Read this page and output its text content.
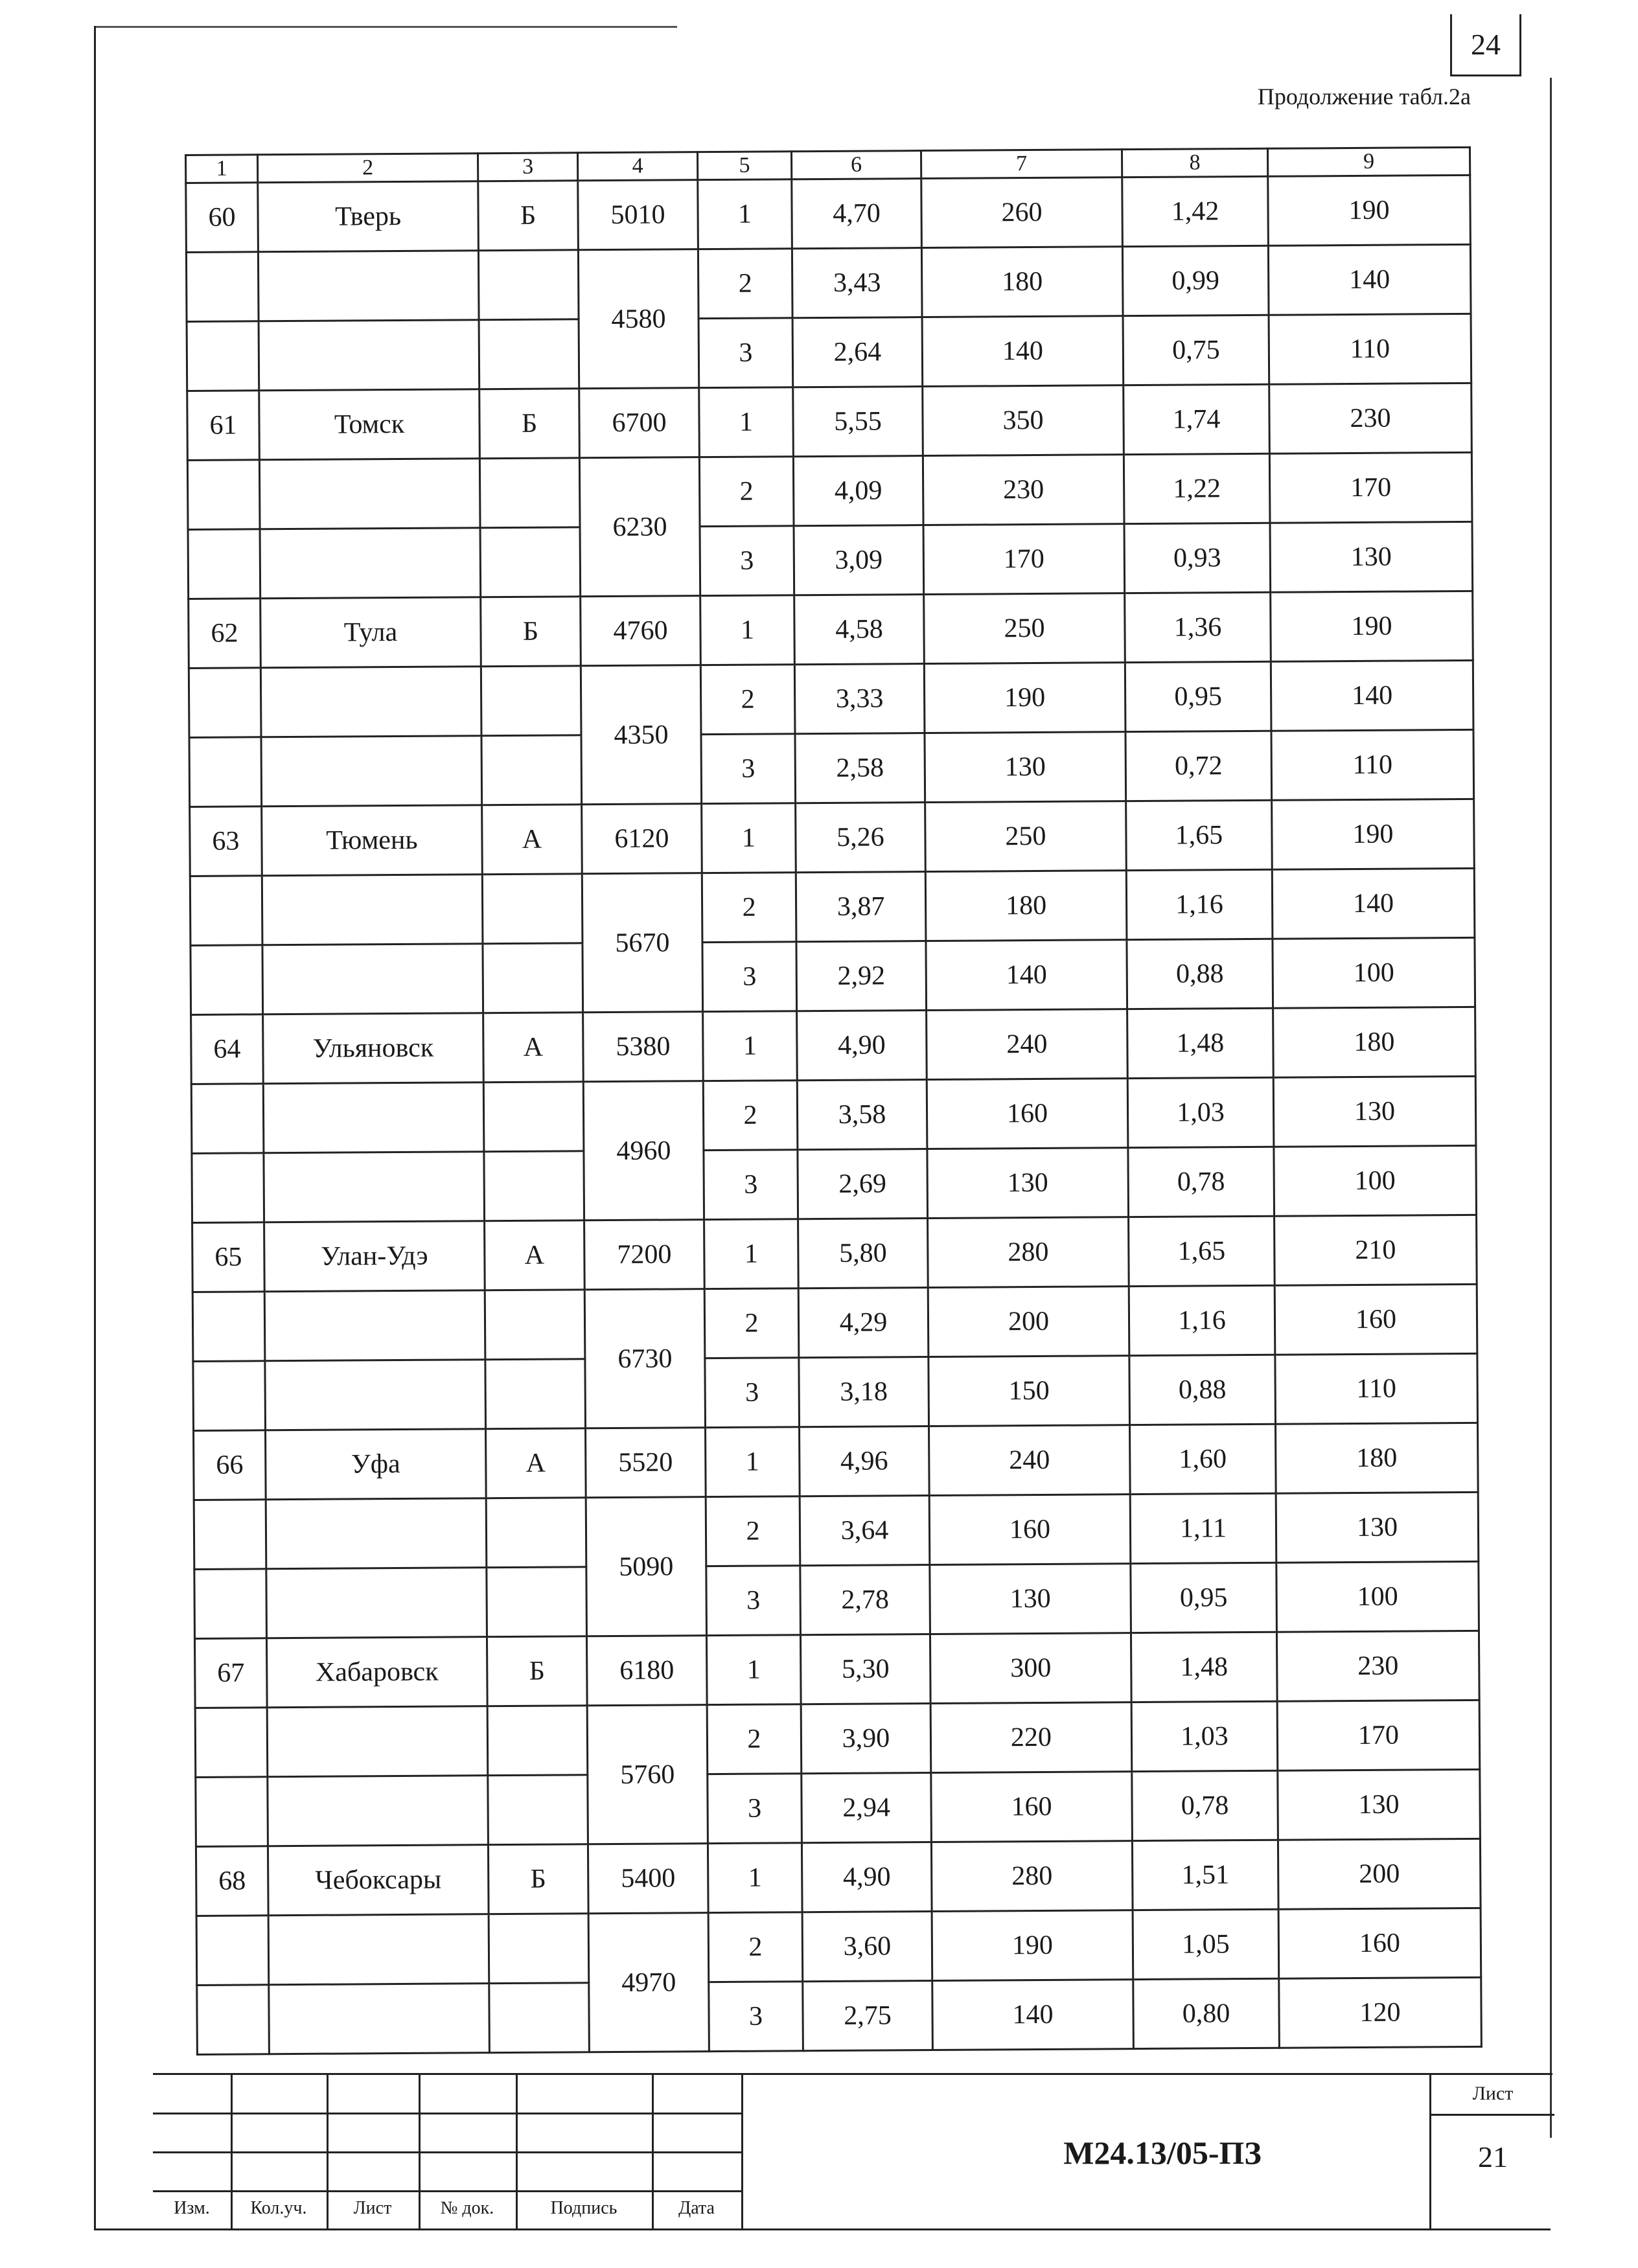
24
Продолжение табл.2а
1	2	3	4	5	6	7	8	9
60	Тверь	Б	5010	1	4,70	260	1,42	190
			4580	2	3,43	180	0,99	140
				3	2,64	140	0,75	110
61	Томск	Б	6700	1	5,55	350	1,74	230
			6230	2	4,09	230	1,22	170
				3	3,09	170	0,93	130
62	Тула	Б	4760	1	4,58	250	1,36	190
			4350	2	3,33	190	0,95	140
				3	2,58	130	0,72	110
63	Тюмень	А	6120	1	5,26	250	1,65	190
			5670	2	3,87	180	1,16	140
				3	2,92	140	0,88	100
64	Ульяновск	А	5380	1	4,90	240	1,48	180
			4960	2	3,58	160	1,03	130
				3	2,69	130	0,78	100
65	Улан-Удэ	А	7200	1	5,80	280	1,65	210
			6730	2	4,29	200	1,16	160
				3	3,18	150	0,88	110
66	Уфа	А	5520	1	4,96	240	1,60	180
			5090	2	3,64	160	1,11	130
				3	2,78	130	0,95	100
67	Хабаровск	Б	6180	1	5,30	300	1,48	230
			5760	2	3,90	220	1,03	170
				3	2,94	160	0,78	130
68	Чебоксары	Б	5400	1	4,90	280	1,51	200
			4970	2	3,60	190	1,05	160
				3	2,75	140	0,80	120
Изм.	Кол.уч.	Лист	№ док.	Подпись	Дата
М24.13/05-ПЗ
Лист
21
